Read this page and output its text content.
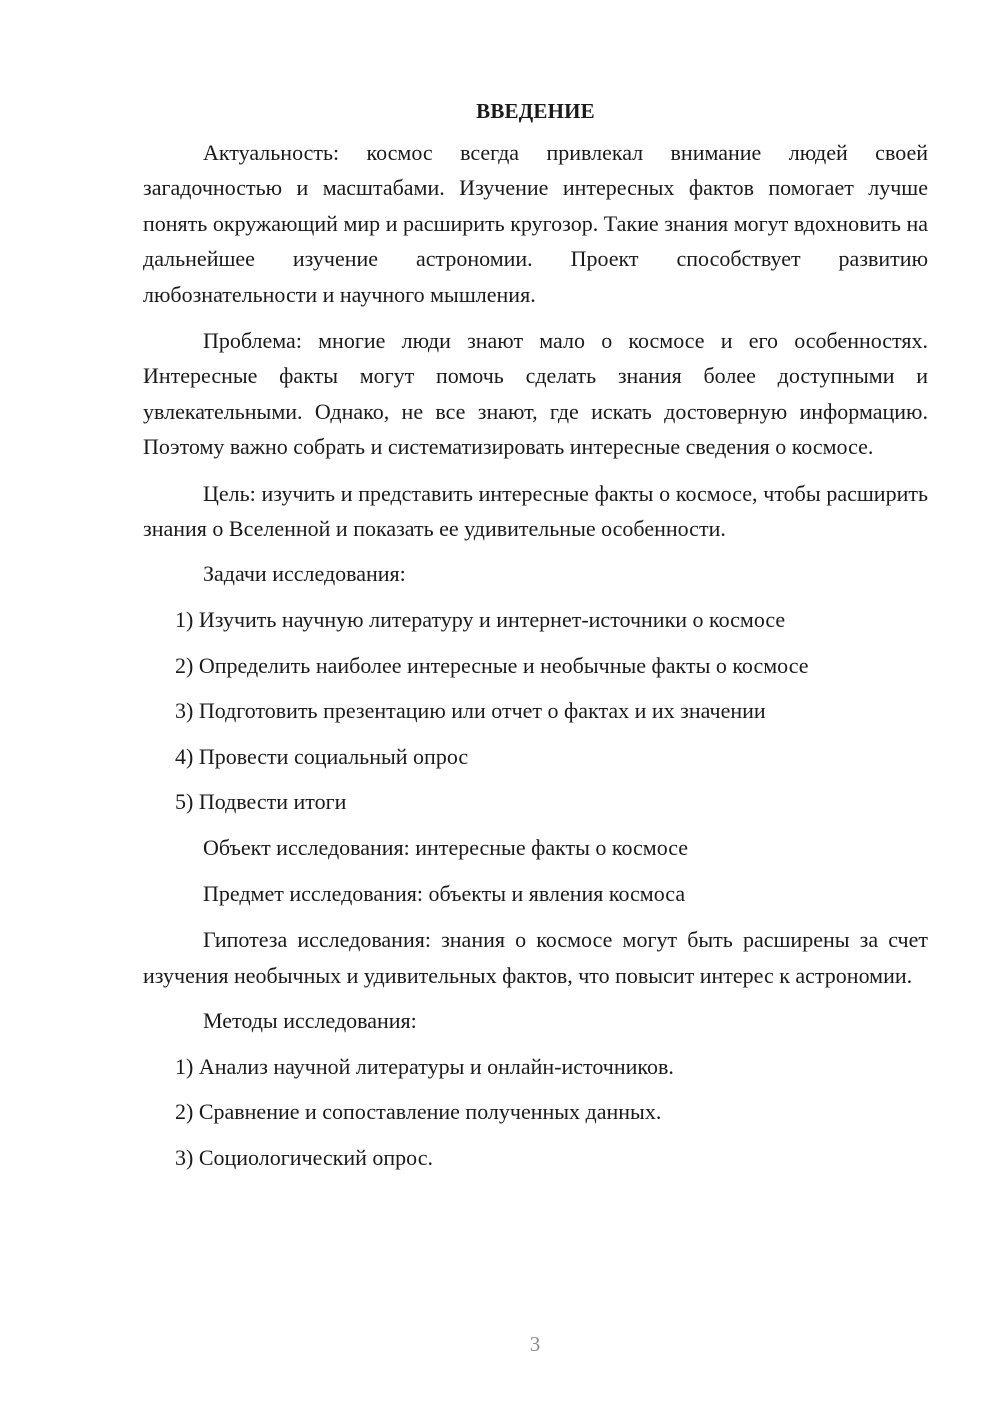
ВВЕДЕНИЕ

Актуальность: космос всегда привлекал внимание людей своей загадочностью и масштабами. Изучение интересных фактов помогает лучше понять окружающий мир и расширить кругозор. Такие знания могут вдохновить на дальнейшее изучение астрономии. Проект способствует развитию любознательности и научного мышления.

Проблема: многие люди знают мало о космосе и его особенностях. Интересные факты могут помочь сделать знания более доступными и увлекательными. Однако, не все знают, где искать достоверную информацию. Поэтому важно собрать и систематизировать интересные сведения о космосе.

Цель: изучить и представить интересные факты о космосе, чтобы расширить знания о Вселенной и показать ее удивительные особенности.

Задачи исследования:
1) Изучить научную литературу и интернет-источники о космосе
2) Определить наиболее интересные и необычные факты о космосе
3) Подготовить презентацию или отчет о фактах и их значении
4) Провести социальный опрос
5) Подвести итоги
Объект исследования: интересные факты о космосе
Предмет исследования: объекты и явления космоса

Гипотеза исследования: знания о космосе могут быть расширены за счет изучения необычных и удивительных фактов, что повысит интерес к астрономии.

Методы исследования:
1) Анализ научной литературы и онлайн-источников.
2) Сравнение и сопоставление полученных данных.
3) Социологический опрос.
3
